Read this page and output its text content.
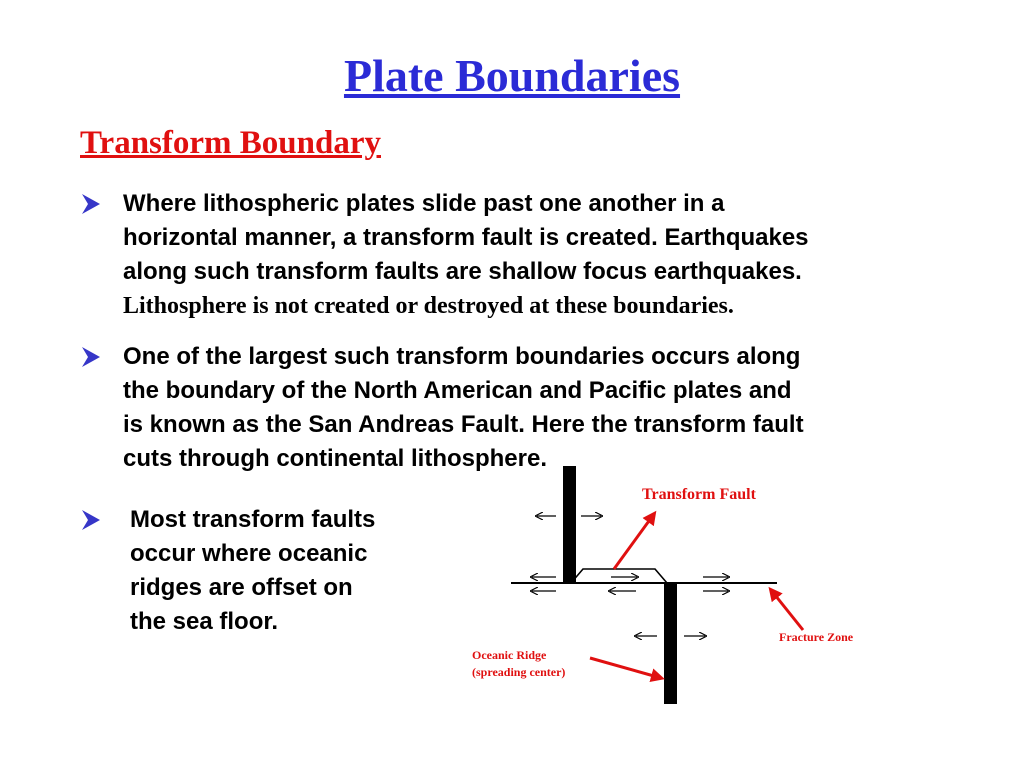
Plate Boundaries
Transform Boundary
Where lithospheric plates slide past one another in a
horizontal manner, a transform fault is created. Earthquakes
along such transform faults are shallow focus earthquakes.
Lithosphere is not created or destroyed at these boundaries.
One of the largest such transform boundaries occurs along
the boundary of the North American and Pacific plates and
is known as the San Andreas Fault. Here the transform fault
cuts through continental lithosphere.
Most transform faults
occur where oceanic
ridges are offset on
the sea floor.
Transform Fault
Fracture Zone
Oceanic Ridge
(spreading center)
